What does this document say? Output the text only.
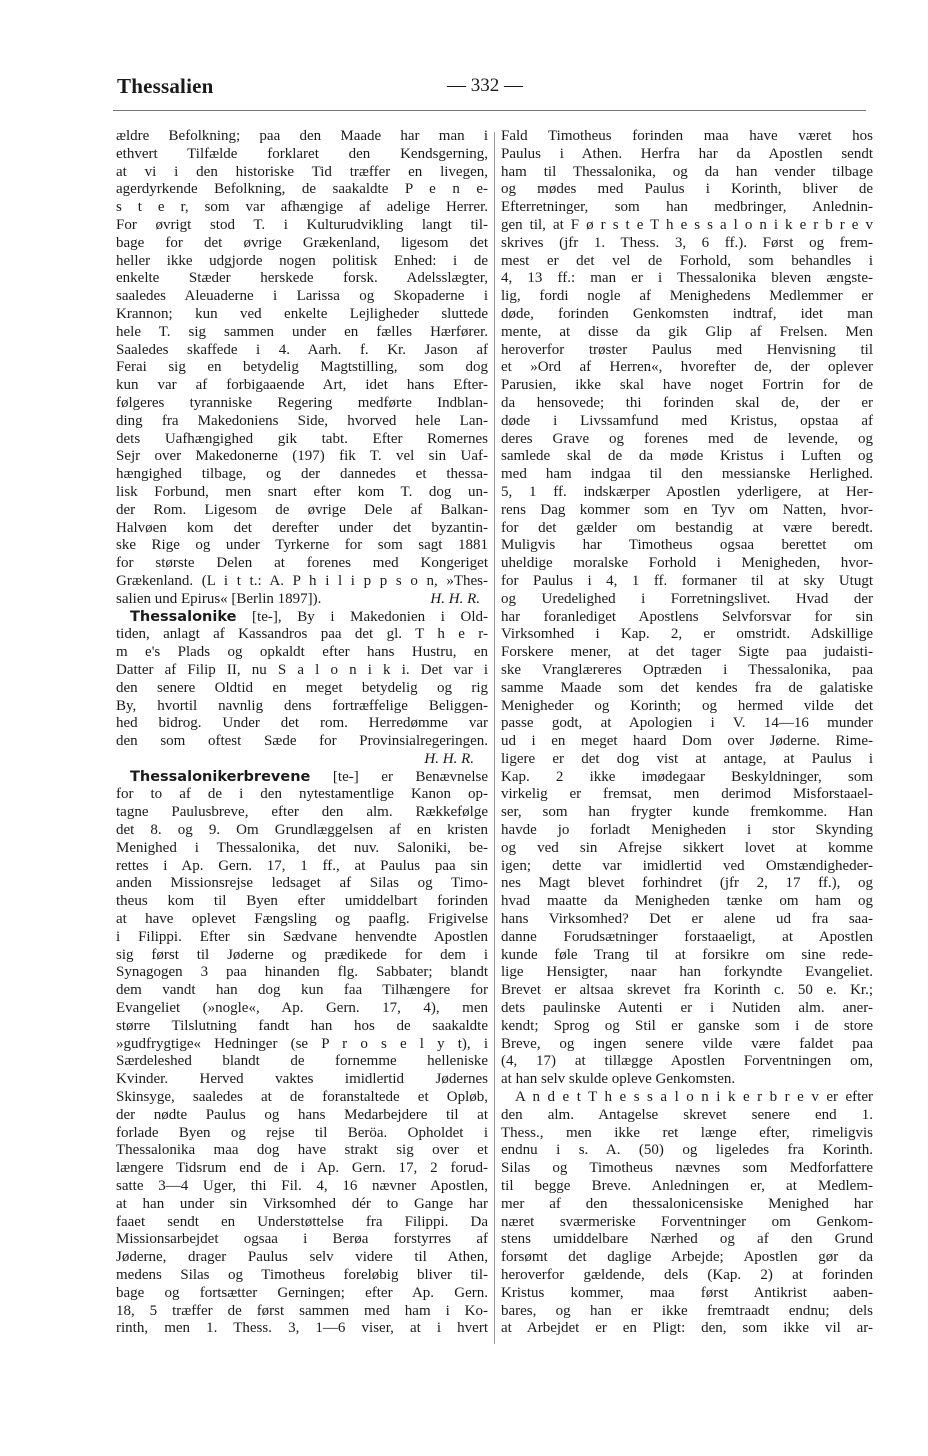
Thessalien	— 332 —
ældre Befolkning; paa den Maade har man i
ethvert Tilfælde forklaret den Kendsgerning,
at vi i den historiske Tid træffer en livegen,
agerdyrkende Befolkning, de saakaldte P e n e-
s t e r, som var afhængige af adelige Herrer.
For øvrigt stod T. i Kulturudvikling langt til-
bage for det øvrige Grækenland, ligesom det
heller ikke udgjorde nogen politisk Enhed: i de
enkelte Stæder herskede forsk. Adelsslægter,
saaledes Aleuaderne i Larissa og Skopaderne i
Krannon; kun ved enkelte Lejligheder sluttede
hele T. sig sammen under en fælles Hærfører.
Saaledes skaffede i 4. Aarh. f. Kr. Jason af
Ferai sig en betydelig Magtstilling, som dog
kun var af forbigaaende Art, idet hans Efter-
følgeres tyranniske Regering medførte Indblan-
ding fra Makedoniens Side, hvorved hele Lan-
dets Uafhængighed gik tabt. Efter Romernes
Sejr over Makedonerne (197) fik T. vel sin Uaf-
hængighed tilbage, og der dannedes et thessa-
lisk Forbund, men snart efter kom T. dog un-
der Rom. Ligesom de øvrige Dele af Balkan-
Halvøen kom det derefter under det byzantin-
ske Rige og under Tyrkerne for som sagt 1881
for største Delen at forenes med Kongeriget
Grækenland. (L i t t.: A. P h i l i p p s o n, »Thes-
salien und Epirus« [Berlin 1897]).	H. H. R.
Thessalonike [te-], By i Makedonien i Old-
tiden, anlagt af Kassandros paa det gl. T h e r-
m e's Plads og opkaldt efter hans Hustru, en
Datter af Filip II, nu S a l o n i k i. Det var i
den senere Oldtid en meget betydelig og rig
By, hvortil navnlig dens fortræffelige Beliggen-
hed bidrog. Under det rom. Herredømme var
den som oftest Sæde for Provinsialregeringen.
H. H. R.
Thessalonikerbrevene [te-] er Benævnelse
for to af de i den nytestamentlige Kanon op-
tagne Paulusbreve, efter den alm. Rækkefølge
det 8. og 9. Om Grundlæggelsen af en kristen
Menighed i Thessalonika, det nuv. Saloniki, be-
rettes i Ap. Gern. 17, 1 ff., at Paulus paa sin
anden Missionsrejse ledsaget af Silas og Timo-
theus kom til Byen efter umiddelbart forinden
at have oplevet Fængsling og paaflg. Frigivelse
i Filippi. Efter sin Sædvane henvendte Apostlen
sig først til Jøderne og prædikede for dem i
Synagogen 3 paa hinanden flg. Sabbater; blandt
dem vandt han dog kun faa Tilhængere for
Evangeliet (»nogle«, Ap. Gern. 17, 4), men
større Tilslutning fandt han hos de saakaldte
»gudfrygtige« Hedninger (se P r o s e l y t), i
Særdeleshed blandt de fornemme helleniske
Kvinder. Herved vaktes imidlertid Jødernes
Skinsyge, saaledes at de foranstaltede et Opløb,
der nødte Paulus og hans Medarbejdere til at
forlade Byen og rejse til Beröa. Opholdet i
Thessalonika maa dog have strakt sig over et
længere Tidsrum end de i Ap. Gern. 17, 2 forud-
satte 3—4 Uger, thi Fil. 4, 16 nævner Apostlen,
at han under sin Virksomhed dér to Gange har
faaet sendt en Understøttelse fra Filippi. Da
Missionsarbejdet ogsaa i Berøa forstyrres af
Jøderne, drager Paulus selv videre til Athen,
medens Silas og Timotheus foreløbig bliver til-
bage og fortsætter Gerningen; efter Ap. Gern.
18, 5 træffer de først sammen med ham i Ko-
rinth, men 1. Thess. 3, 1—6 viser, at i hvert
Fald Timotheus forinden maa have været hos
Paulus i Athen. Herfra har da Apostlen sendt
ham til Thessalonika, og da han vender tilbage
og mødes med Paulus i Korinth, bliver de
Efterretninger, som han medbringer, Anlednin-
gen til, at F ø r s t e T h e s s a l o n i k e r b r e v
skrives (jfr 1. Thess. 3, 6 ff.). Først og frem-
mest er det vel de Forhold, som behandles i
4, 13 ff.: man er i Thessalonika bleven ængste-
lig, fordi nogle af Menighedens Medlemmer er
døde, forinden Genkomsten indtraf, idet man
mente, at disse da gik Glip af Frelsen. Men
heroverfor trøster Paulus med Henvisning til
et »Ord af Herren«, hvorefter de, der oplever
Parusien, ikke skal have noget Fortrin for de
da hensovede; thi forinden skal de, der er
døde i Livssamfund med Kristus, opstaa af
deres Grave og forenes med de levende, og
samlede skal de da møde Kristus i Luften og
med ham indgaa til den messianske Herlighed.
5, 1 ff. indskærper Apostlen yderligere, at Her-
rens Dag kommer som en Tyv om Natten, hvor-
for det gælder om bestandig at være beredt.
Muligvis har Timotheus ogsaa berettet om
uheldige moralske Forhold i Menigheden, hvor-
for Paulus i 4, 1 ff. formaner til at sky Utugt
og Uredelighed i Forretningslivet. Hvad der
har foranlediget Apostlens Selvforsvar for sin
Virksomhed i Kap. 2, er omstridt. Adskillige
Forskere mener, at det tager Sigte paa judaisti-
ske Vranglæreres Optræden i Thessalonika, paa
samme Maade som det kendes fra de galatiske
Menigheder og Korinth; og hermed vilde det
passe godt, at Apologien i V. 14—16 munder
ud i en meget haard Dom over Jøderne. Rime-
ligere er det dog vist at antage, at Paulus i
Kap. 2 ikke imødegaar Beskyldninger, som
virkelig er fremsat, men derimod Misforstaael-
ser, som han frygter kunde fremkomme. Han
havde jo forladt Menigheden i stor Skynding
og ved sin Afrejse sikkert lovet at komme
igen; dette var imidlertid ved Omstændigheder-
nes Magt blevet forhindret (jfr 2, 17 ff.), og
hvad maatte da Menigheden tænke om ham og
hans Virksomhed? Det er alene ud fra saa-
danne Forudsætninger forstaaeligt, at Apostlen
kunde føle Trang til at forsikre om sine rede-
lige Hensigter, naar han forkyndte Evangeliet.
Brevet er altsaa skrevet fra Korinth c. 50 e. Kr.;
dets paulinske Autenti er i Nutiden alm. aner-
kendt; Sprog og Stil er ganske som i de store
Breve, og ingen senere vilde være faldet paa
(4, 17) at tillægge Apostlen Forventningen om,
at han selv skulde opleve Genkomsten.
A n d e t T h e s s a l o n i k e r b r e v er efter
den alm. Antagelse skrevet senere end 1.
Thess., men ikke ret længe efter, rimeligvis
endnu i s. A. (50) og ligeledes fra Korinth.
Silas og Timotheus nævnes som Medforfattere
til begge Breve. Anledningen er, at Medlem-
mer af den thessalonicensiske Menighed har
næret sværmeriske Forventninger om Genkom-
stens umiddelbare Nærhed og af den Grund
forsømt det daglige Arbejde; Apostlen gør da
heroverfor gældende, dels (Kap. 2) at forinden
Kristus kommer, maa først Antikrist aaben-
bares, og han er ikke fremtraadt endnu; dels
at Arbejdet er en Pligt: den, som ikke vil ar-
